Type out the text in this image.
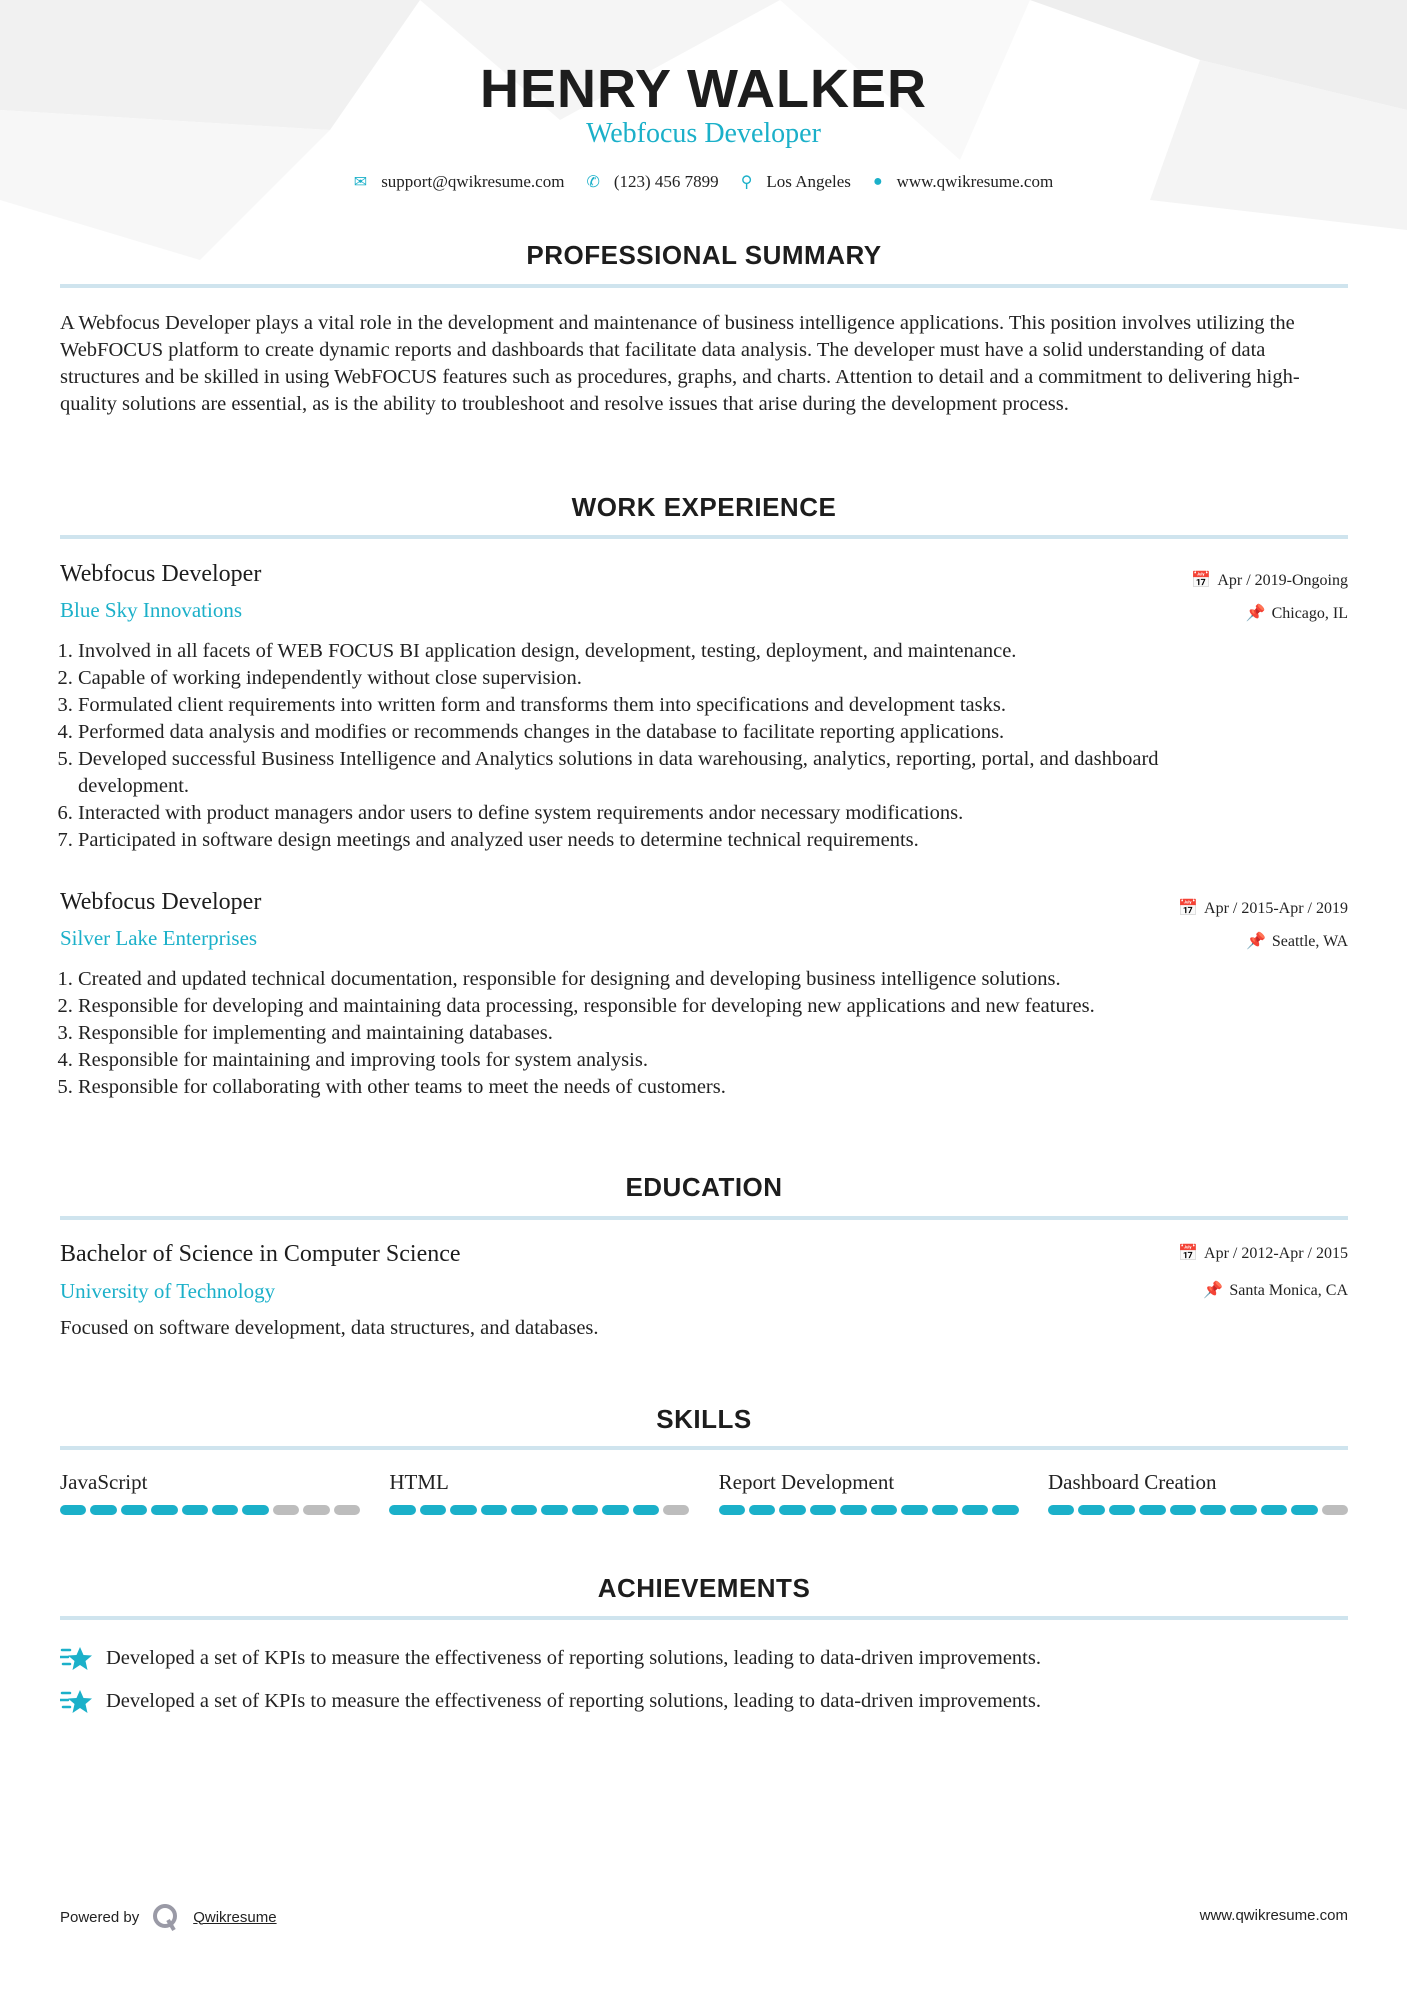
HENRY WALKER
Webfocus Developer
✉ support@qwikresume.com ✆ (123) 456 7899 ⚲ Los Angeles ● www.qwikresume.com
PROFESSIONAL SUMMARY
A Webfocus Developer plays a vital role in the development and maintenance of business intelligence applications. This position involves utilizing the WebFOCUS platform to create dynamic reports and dashboards that facilitate data analysis. The developer must have a solid understanding of data structures and be skilled in using WebFOCUS features such as procedures, graphs, and charts. Attention to detail and a commitment to delivering high-quality solutions are essential, as is the ability to troubleshoot and resolve issues that arise during the development process.
WORK EXPERIENCE
Webfocus Developer	📅 Apr / 2019-Ongoing
Blue Sky Innovations	📌 Chicago, IL
1. Involved in all facets of WEB FOCUS BI application design, development, testing, deployment, and maintenance.
2. Capable of working independently without close supervision.
3. Formulated client requirements into written form and transforms them into specifications and development tasks.
4. Performed data analysis and modifies or recommends changes in the database to facilitate reporting applications.
5. Developed successful Business Intelligence and Analytics solutions in data warehousing, analytics, reporting, portal, and dashboard development.
6. Interacted with product managers andor users to define system requirements andor necessary modifications.
7. Participated in software design meetings and analyzed user needs to determine technical requirements.
Webfocus Developer	📅 Apr / 2015-Apr / 2019
Silver Lake Enterprises	📌 Seattle, WA
1. Created and updated technical documentation, responsible for designing and developing business intelligence solutions.
2. Responsible for developing and maintaining data processing, responsible for developing new applications and new features.
3. Responsible for implementing and maintaining databases.
4. Responsible for maintaining and improving tools for system analysis.
5. Responsible for collaborating with other teams to meet the needs of customers.
EDUCATION
Bachelor of Science in Computer Science	📅 Apr / 2012-Apr / 2015
University of Technology	📌 Santa Monica, CA
Focused on software development, data structures, and databases.
SKILLS
JavaScript	HTML	Report Development	Dashboard Creation
ACHIEVEMENTS
Developed a set of KPIs to measure the effectiveness of reporting solutions, leading to data-driven improvements.
Developed a set of KPIs to measure the effectiveness of reporting solutions, leading to data-driven improvements.
Powered by	Qwikresume	www.qwikresume.com
